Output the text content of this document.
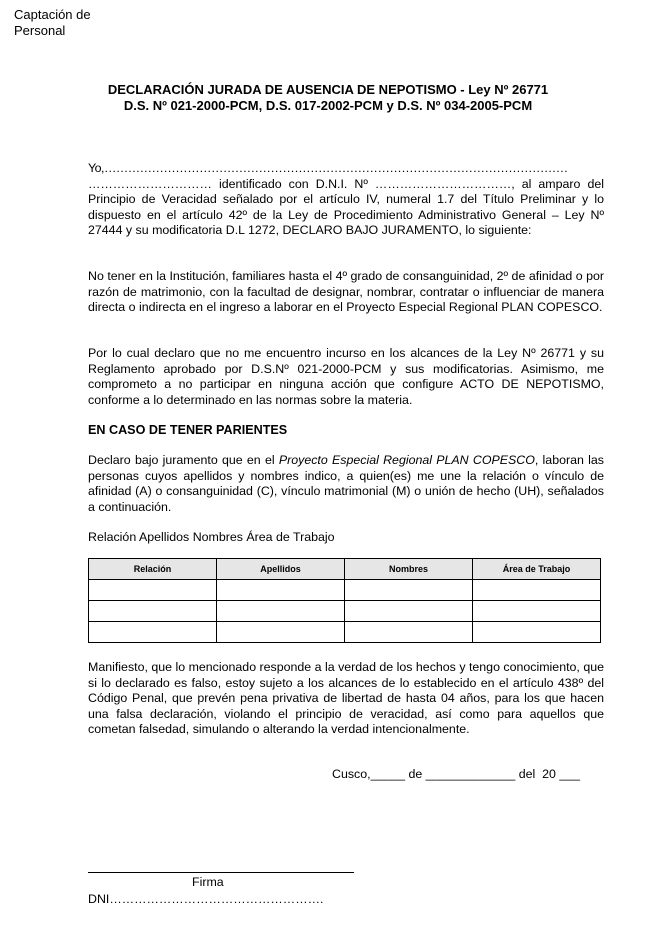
Captación de Personal
DECLARACIÓN JURADA DE AUSENCIA DE NEPOTISMO - Ley Nº 26771
D.S. Nº 021-2000-PCM, D.S. 017-2002-PCM y D.S. Nº 034-2005-PCM

Yo,………………………………………………………………………………………………………

………………………… identificado con D.N.I. Nº ……………………………, al amparo del Principio de Veracidad señalado por el artículo IV, numeral 1.7 del Título Preliminar y lo dispuesto en el artículo 42º de la Ley de Procedimiento Administrativo General – Ley Nº 27444 y su modificatoria D.L 1272, DECLARO BAJO JURAMENTO, lo siguiente:

No tener en la Institución, familiares hasta el 4º grado de consanguinidad, 2º de afinidad o por razón de matrimonio, con la facultad de designar, nombrar, contratar o influenciar de manera directa o indirecta en el ingreso a laborar en el Proyecto Especial Regional PLAN COPESCO.

Por lo cual declaro que no me encuentro incurso en los alcances de la Ley Nº 26771 y su Reglamento aprobado por D.S.Nº 021-2000-PCM y sus modificatorias. Asimismo, me comprometo a no participar en ninguna acción que configure ACTO DE NEPOTISMO, conforme a lo determinado en las normas sobre la materia.

EN CASO DE TENER PARIENTES

Declaro bajo juramento que en el Proyecto Especial Regional PLAN COPESCO, laboran las personas cuyos apellidos y nombres indico, a quien(es) me une la relación o vínculo de afinidad (A) o consanguinidad (C), vínculo matrimonial (M) o unión de hecho (UH), señalados a continuación.

Relación Apellidos Nombres Área de Trabajo
Relación	Apellidos	Nombres	Área de Trabajo

Manifiesto, que lo mencionado responde a la verdad de los hechos y tengo conocimiento, que si lo declarado es falso, estoy sujeto a los alcances de lo establecido en el artículo 438º del Código Penal, que prevén pena privativa de libertad de hasta 04 años, para los que hacen una falsa declaración, violando el principio de veracidad, así como para aquellos que cometan falsedad, simulando o alterando la verdad intencionalmente.

Cusco,_____ de _____________ del  20 ___
Firma
DNI…………………………………………….
